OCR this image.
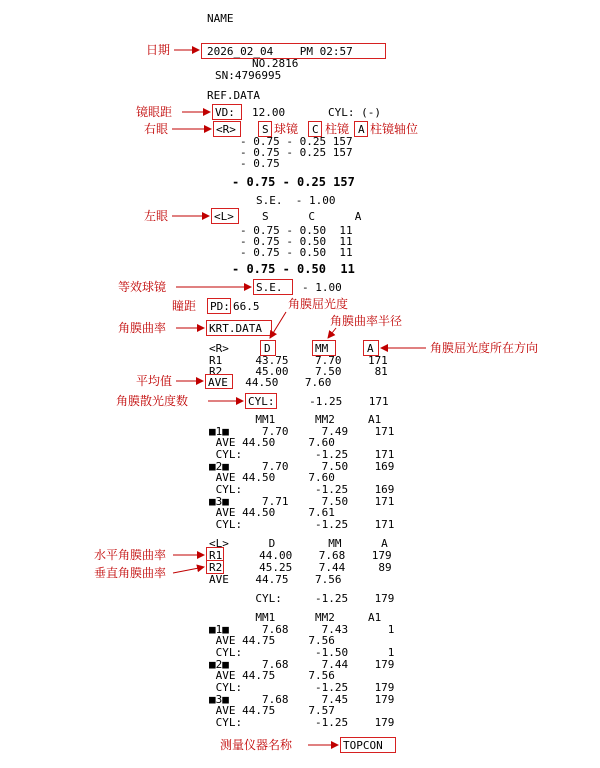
NAME
2026_02_04    PM 02:57
NO.2816
SN:4796995
REF.DATA
VD: 12.00	CYL: (-)
<R> S	C	A
- 0.75 - 0.25 157
- 0.75 - 0.25 157
- 0.75
- 0.75 - 0.25 157
S.E.  - 1.00
<L>	S      C      A
- 0.75 - 0.50  11
- 0.75 - 0.50  11
- 0.75 - 0.50  11
- 0.75 - 0.50  11
S.E. - 1.00
PD: 66.5
KRT.DATA
<R>	D	MM	A
R1     43.75    7.70    171
R2     45.00    7.50     81
AVE 44.50    7.60
CYL: -1.25    171
MM1      MM2     A1
■1■     7.70     7.49    171
AVE 44.50     7.60
CYL:           -1.25    171
■2■     7.70     7.50    169
AVE 44.50     7.60
CYL:           -1.25    169
■3■     7.71     7.50    171
AVE 44.50     7.61
CYL:           -1.25    171
<L>      D        MM      A
R1 44.00    7.68    179
R2 45.25    7.44     89
AVE    44.75    7.56
CYL:     -1.25    179
MM1      MM2     A1
■1■     7.68     7.43      1
AVE 44.75     7.56
CYL:           -1.50      1
■2■     7.68     7.44    179
AVE 44.75     7.56
CYL:           -1.25    179
■3■     7.68     7.45    179
AVE 44.75     7.57
CYL:           -1.25    179
TOPCON
日期
镜眼距
右眼	球镜 柱镜 柱镜轴位
左眼
等效球镜
瞳距	角膜屈光度
角膜曲率	角膜曲率半径
角膜屈光度所在方向
平均值
角膜散光度数
水平角膜曲率
垂直角膜曲率
测量仪器名称
